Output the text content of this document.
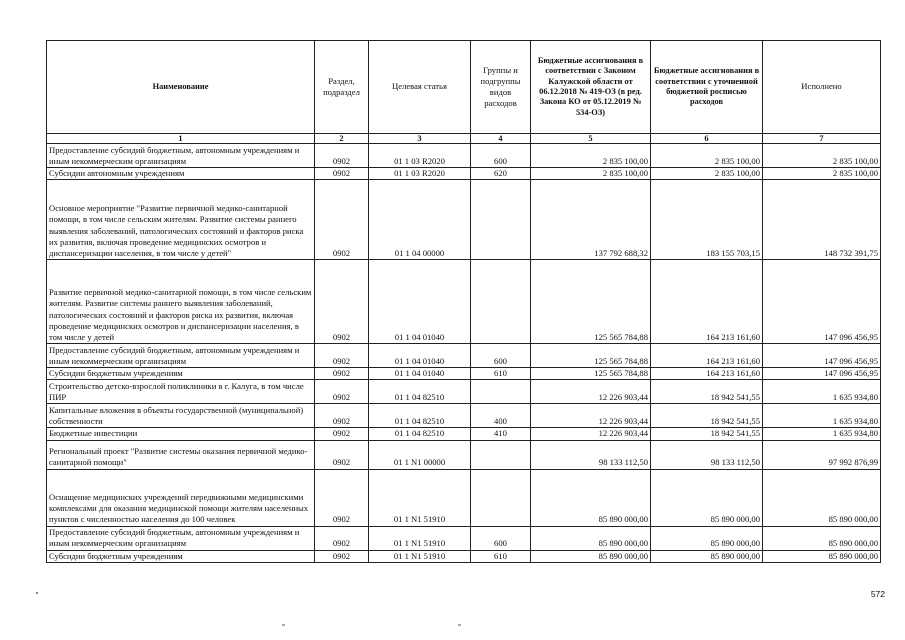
Наименование	Раздел, подраздел	Целевая статья	Группы и подгруппы видов расходов	Бюджетные ассигнования в соответствии с Законом Калужской области от 06.12.2018 № 419-ОЗ (в ред. Закона КО от 05.12.2019 № 534-ОЗ)	Бюджетные ассигнования в соответствии с уточненной бюджетной росписью расходов	Исполнено
1	2	3	4	5	6	7
Предоставление субсидий бюджетным, автономным учреждениям и иным некоммерческим организациям	0902	01 1 03 R2020	600	2 835 100,00	2 835 100,00	2 835 100,00
Субсидии автономным учреждениям	0902	01 1 03 R2020	620	2 835 100,00	2 835 100,00	2 835 100,00
Основное мероприятие "Развитие первичной медико-санитарной помощи, в том числе сельским жителям. Развитие системы раннего выявления заболеваний, патологических состояний и факторов риска их развития, включая проведение медицинских осмотров и диспансеризации населения, в том числе у детей"	0902	01 1 04 00000		137 792 688,32	183 155 703,15	148 732 391,75
Развитие первичной медико-санитарной помощи, в том числе сельским жителям. Развитие системы раннего выявления заболеваний, патологических состояний и факторов риска их развития, включая проведение медицинских осмотров и диспансеризации населения, в том числе у детей	0902	01 1 04 01040		125 565 784,88	164 213 161,60	147 096 456,95
Предоставление субсидий бюджетным, автономным учреждениям и иным некоммерческим организациям	0902	01 1 04 01040	600	125 565 784,88	164 213 161,60	147 096 456,95
Субсидии бюджетным учреждениям	0902	01 1 04 01040	610	125 565 784,88	164 213 161,60	147 096 456,95
Строительство детско-взрослой поликлиники в г. Калуга, в том числе ПИР	0902	01 1 04 82510		12 226 903,44	18 942 541,55	1 635 934,80
Капитальные вложения в объекты государственной (муниципальной) собственности	0902	01 1 04 82510	400	12 226 903,44	18 942 541,55	1 635 934,80
Бюджетные инвестиции	0902	01 1 04 82510	410	12 226 903,44	18 942 541,55	1 635 934,80
Региональный проект "Развитие системы оказания первичной медико-санитарной помощи"	0902	01 1 N1 00000		98 133 112,50	98 133 112,50	97 992 876,99
Оснащение медицинских учреждений передвижными медицинскими комплексами для оказания медицинской помощи жителям населенных пунктов с численностью населения до 100 человек	0902	01 1 N1 51910		85 890 000,00	85 890 000,00	85 890 000,00
Предоставление субсидий бюджетным, автономным учреждениям и иным некоммерческим организациям	0902	01 1 N1 51910	600	85 890 000,00	85 890 000,00	85 890 000,00
Субсидии бюджетным учреждениям	0902	01 1 N1 51910	610	85 890 000,00	85 890 000,00	85 890 000,00
572
